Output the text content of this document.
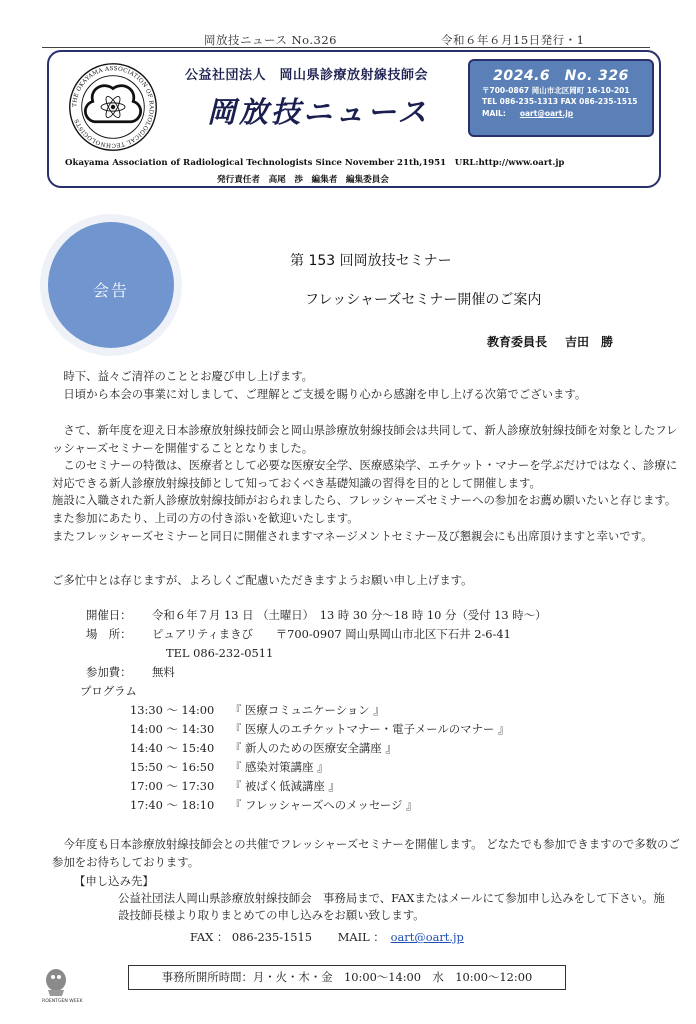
岡放技ニュース No.326	令和６年６月15日発行・1
THE OKAYAMA ASSOCIATION OF RADIOLOGICAL TECHNOLOGISTS
公益社団法人　岡山県診療放射線技師会
岡放技ニュース
2024.6　No. 326
〒700-0867 岡山市北区岡町 16-10-201
TEL 086-235-1313 FAX 086-235-1515
MAIL: oart@oart.jp
Okayama Association of Radiological Technologists Since November 21th,1951　URL:http://www.oart.jp
発行責任者　高尾　渉　編集者　編集委員会
会告
第 153 回岡放技セミナー
フレッシャーズセミナー開催のご案内
教育委員長 吉田　勝
　時下、益々ご清祥のこととお慶び申し上げます。
　日頃から本会の事業に対しまして、ご理解とご支援を賜り心から感謝を申し上げる次第でございます。
　さて、新年度を迎え日本診療放射線技師会と岡山県診療放射線技師会は共同して、新人診療放射線技師を対象としたフレッシャーズセミナーを開催することとなりました。
　このセミナーの特徴は、医療者として必要な医療安全学、医療感染学、エチケット・マナーを学ぶだけではなく、診療に対応できる新人診療放射線技師として知っておくべき基礎知識の習得を目的として開催します。
施設に入職された新人診療放射線技師がおられましたら、フレッシャーズセミナーへの参加をお薦め願いたいと存じます。また参加にあたり、上司の方の付き添いを歓迎いたします。
またフレッシャーズセミナーと同日に開催されますマネージメントセミナー及び懇親会にも出席頂けますと幸いです。
ご多忙中とは存じますが、よろしくご配慮いただきますようお願い申し上げます。
開催日： 令和６年７月 13 日 （土曜日）　13 時 30 分～18 時 10 分（受付 13 時～）
場　所： ピュアリティまきび　　〒700-0907 岡山県岡山市北区下石井 2-6-41
TEL 086-232-0511
参加費： 無料
プログラム
13:30 ～ 14:00 『 医療コミュニケーション 』
14:00 ～ 14:30 『 医療人のエチケットマナー・電子メールのマナー 』
14:40 ～ 15:40 『 新人のための医療安全講座 』
15:50 ～ 16:50 『 感染対策講座 』
17:00 ～ 17:30 『 被ばく低減講座 』
17:40 ～ 18:10 『 フレッシャーズへのメッセージ 』
　今年度も日本診療放射線技師会との共催でフレッシャーズセミナーを開催します。 どなたでも参加できますので多数のご参加をお待ちしております。
【申し込み先】
公益社団法人岡山県診療放射線技師会　事務局まで、FAXまたはメールにて参加申し込みをして下さい。施設技師長様より取りまとめての申し込みをお願い致します。
FAX ： 086-235-1515 MAIL ： oart@oart.jp
ROENTGEN WEEK
事務所開所時間：月・火・木・金　10:00～14:00　水　10:00～12:00
